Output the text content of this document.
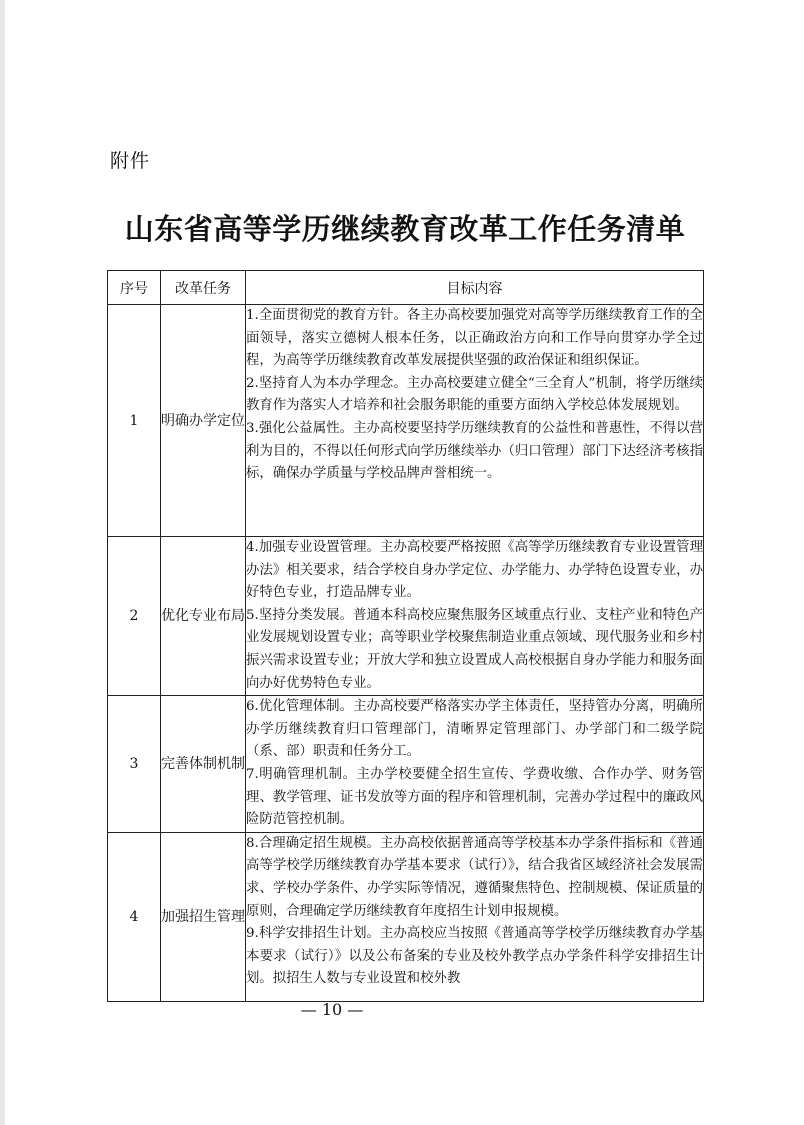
附件
山东省高等学历继续教育改革工作任务清单
序号	改革任务	目标内容
1	明确办学定位	1.全面贯彻党的教育方针。各主办高校要加强党对高等学历继续教育工作的全面领导，落实立德树人根本任务，以正确政治方向和工作导向贯穿办学全过程，为高等学历继续教育改革发展提供坚强的政治保证和组织保证。

2.坚持育人为本办学理念。主办高校要建立健全“三全育人”机制，将学历继续教育作为落实人才培养和社会服务职能的重要方面纳入学校总体发展规划。

3.强化公益属性。主办高校要坚持学历继续教育的公益性和普惠性，不得以营利为目的，不得以任何形式向学历继续举办（归口管理）部门下达经济考核指标，确保办学质量与学校品牌声誉相统一。

2	优化专业布局	4.加强专业设置管理。主办高校要严格按照《高等学历继续教育专业设置管理办法》相关要求，结合学校自身办学定位、办学能力、办学特色设置专业，办好特色专业，打造品牌专业。

5.坚持分类发展。普通本科高校应聚焦服务区域重点行业、支柱产业和特色产业发展规划设置专业；高等职业学校聚焦制造业重点领域、现代服务业和乡村振兴需求设置专业；开放大学和独立设置成人高校根据自身办学能力和服务面向办好优势特色专业。

3	完善体制机制	6.优化管理体制。主办高校要严格落实办学主体责任，坚持管办分离，明确所办学历继续教育归口管理部门，清晰界定管理部门、办学部门和二级学院（系、部）职责和任务分工。

7.明确管理机制。主办学校要健全招生宣传、学费收缴、合作办学、财务管理、教学管理、证书发放等方面的程序和管理机制，完善办学过程中的廉政风险防范管控机制。

4	加强招生管理	8.合理确定招生规模。主办高校依据普通高等学校基本办学条件指标和《普通高等学校学历继续教育办学基本要求（试行）》，结合我省区域经济社会发展需求、学校办学条件、办学实际等情况，遵循聚焦特色、控制规模、保证质量的原则，合理确定学历继续教育年度招生计划申报规模。

9.科学安排招生计划。主办高校应当按照《普通高等学校学历继续教育办学基本要求（试行）》以及公布备案的专业及校外教学点办学条件科学安排招生计划。拟招生人数与专业设置和校外教

— 10 —
